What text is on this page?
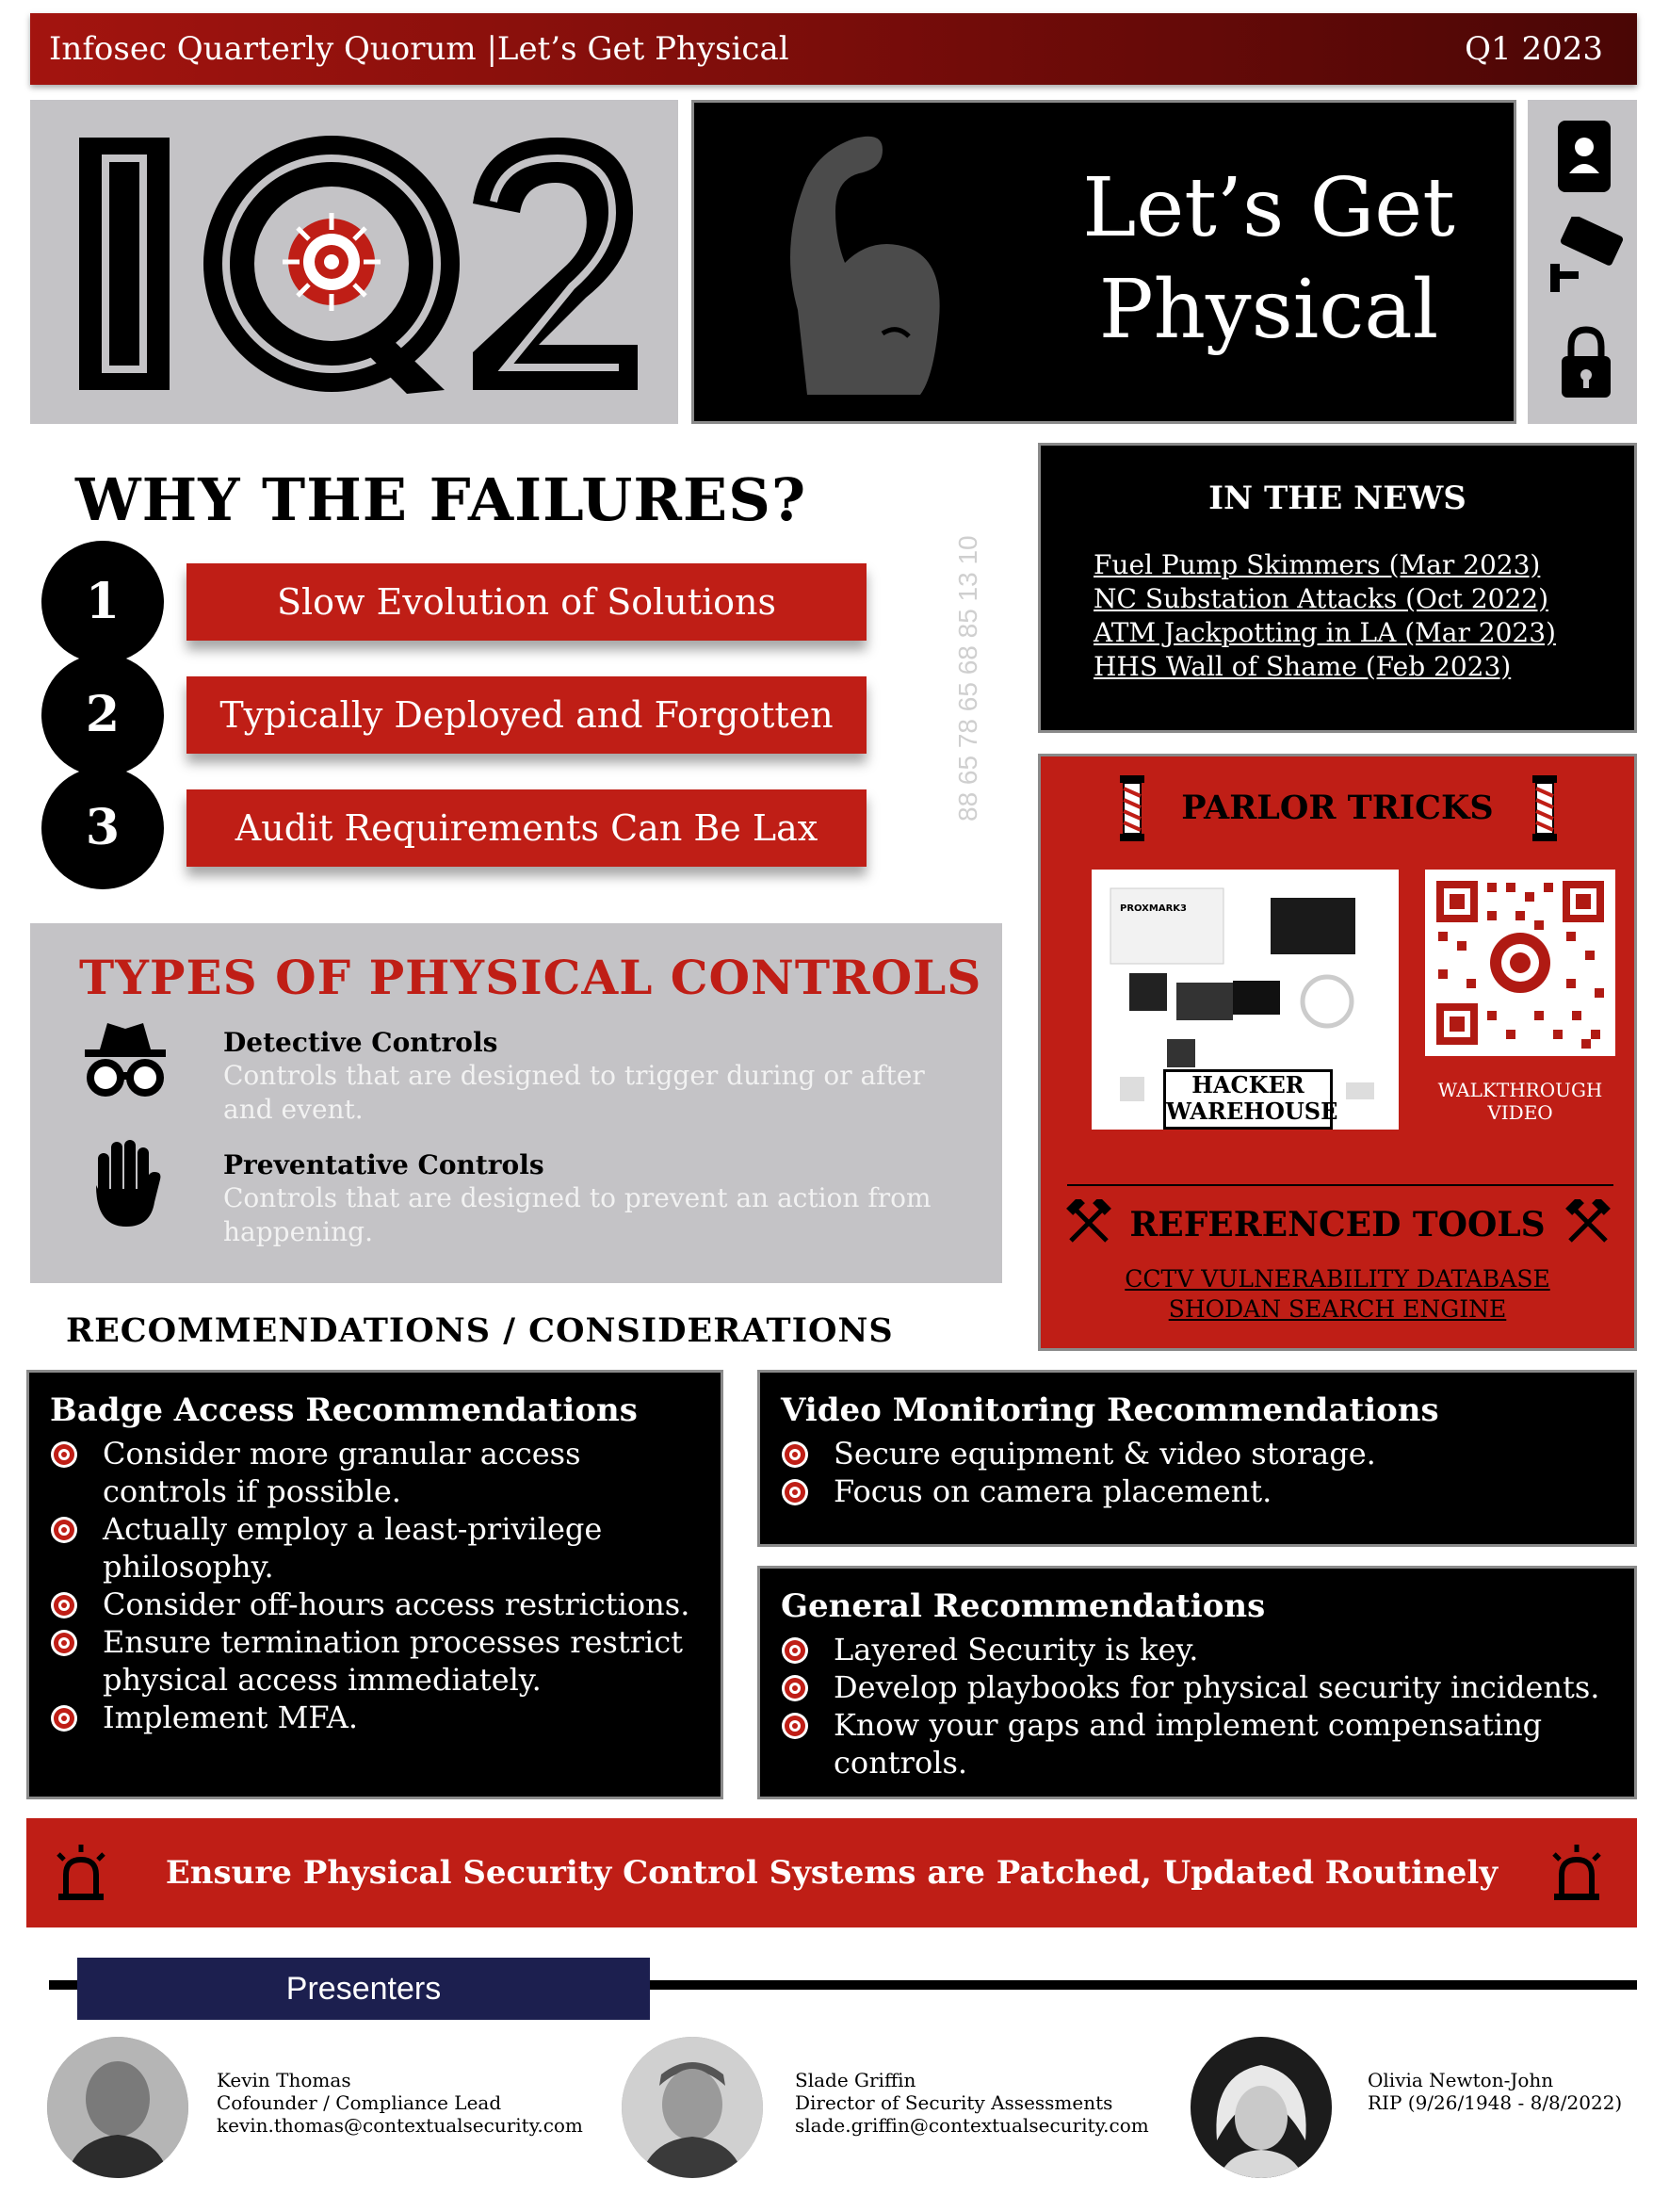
Infosec Quarterly Quorum |Let’s Get Physical	Q1 2023
Let’s Get
Physical
WHY THE FAILURES?
1	Slow Evolution of Solutions
2	Typically Deployed and Forgotten
3	Audit Requirements Can Be Lax
88 65 78 65 68 85 13 10
TYPES OF PHYSICAL CONTROLS
Detective Controls
Controls that are designed to trigger during or after and event.
Preventative Controls
Controls that are designed to prevent an action from happening.
IN THE NEWS
Fuel Pump Skimmers (Mar 2023)
NC Substation Attacks (Oct 2022)
ATM Jackpotting in LA (Mar 2023)
HHS Wall of Shame (Feb 2023)
PARLOR TRICKS
PROXMARK3
HACKER
WAREHOUSE
WALKTHROUGH VIDEO
REFERENCED TOOLS
CCTV VULNERABILITY DATABASE
SHODAN SEARCH ENGINE
RECOMMENDATIONS / CONSIDERATIONS
Badge Access Recommendations
Consider more granular access controls if possible.
Actually employ a least-privilege philosophy.
Consider off-hours access restrictions.
Ensure termination processes restrict physical access immediately.
Implement MFA.
Video Monitoring Recommendations
Secure equipment & video storage.
Focus on camera placement.
General Recommendations
Layered Security is key.
Develop playbooks for physical security incidents.
Know your gaps and implement compensating controls.
Ensure Physical Security Control Systems are Patched, Updated Routinely
Presenters
Kevin Thomas
Cofounder / Compliance Lead
kevin.thomas@contextualsecurity.com
Slade Griffin
Director of Security Assessments
slade.griffin@contextualsecurity.com
Olivia Newton-John
RIP (9/26/1948 - 8/8/2022)
